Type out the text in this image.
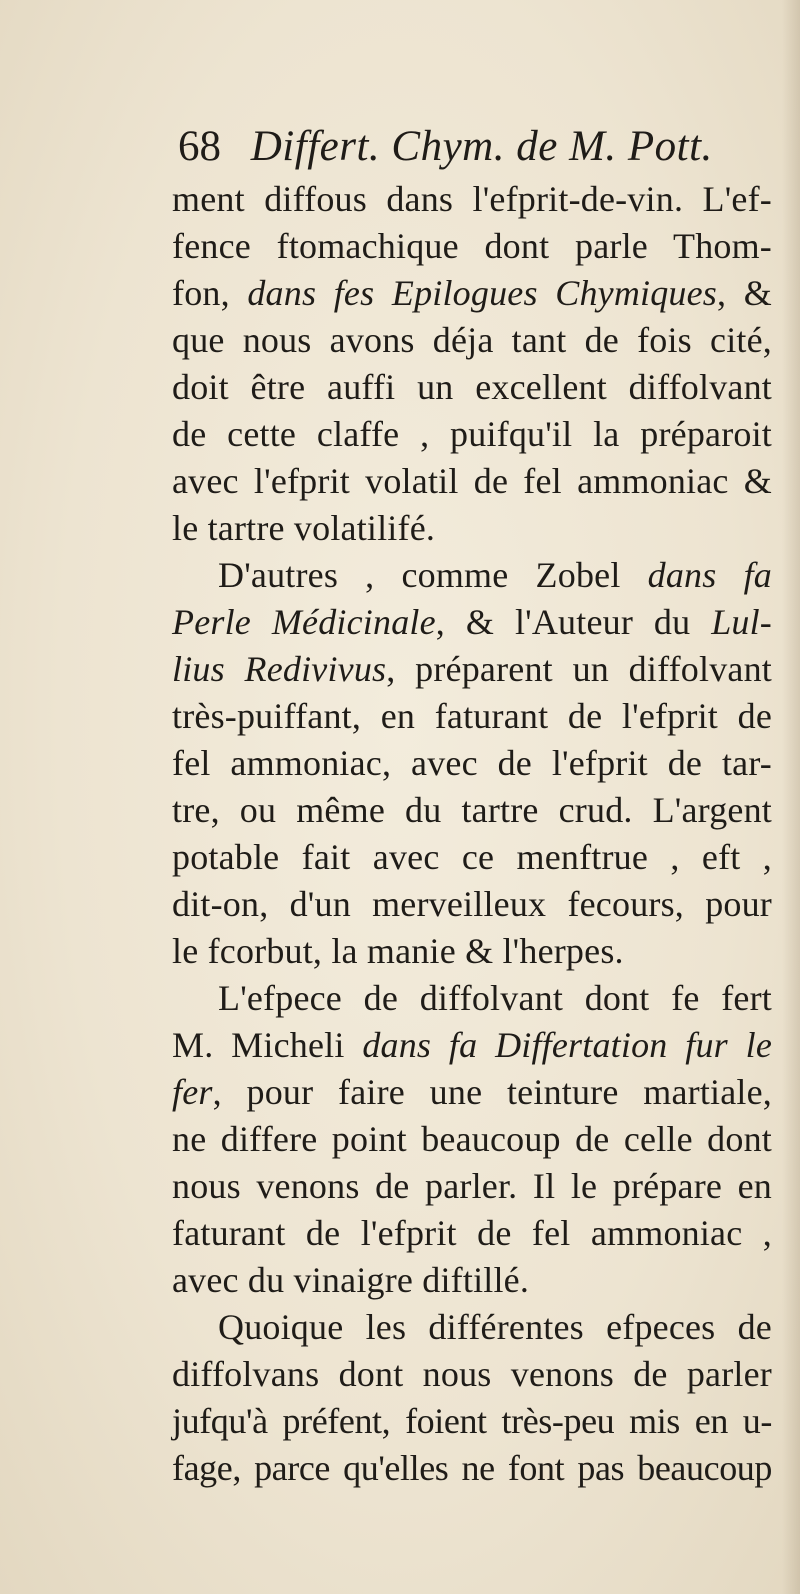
68 Differt. Chym. de M. Pott.
ment diffous dans l'efprit-de-vin. L'ef-
fence ftomachique dont parle Thom-
fon, dans fes Epilogues Chymiques, &
que nous avons déja tant de fois cité,
doit être auffi un excellent diffolvant
de cette claffe , puifqu'il la préparoit
avec l'efprit volatil de fel ammoniac &
le tartre volatilifé.
D'autres , comme Zobel dans fa
Perle Médicinale, & l'Auteur du Lul-
lius Redivivus, préparent un diffolvant
très-puiffant, en faturant de l'efprit de
fel ammoniac, avec de l'efprit de tar-
tre, ou même du tartre crud. L'argent
potable fait avec ce menftrue , eft ,
dit-on, d'un merveilleux fecours, pour
le fcorbut, la manie & l'herpes.
L'efpece de diffolvant dont fe fert
M. Micheli dans fa Differtation fur le
fer, pour faire une teinture martiale,
ne differe point beaucoup de celle dont
nous venons de parler. Il le prépare en
faturant de l'efprit de fel ammoniac ,
avec du vinaigre diftillé.
Quoique les différentes efpeces de
diffolvans dont nous venons de parler
jufqu'à préfent, foient très-peu mis en u-
fage, parce qu'elles ne font pas beaucoup
